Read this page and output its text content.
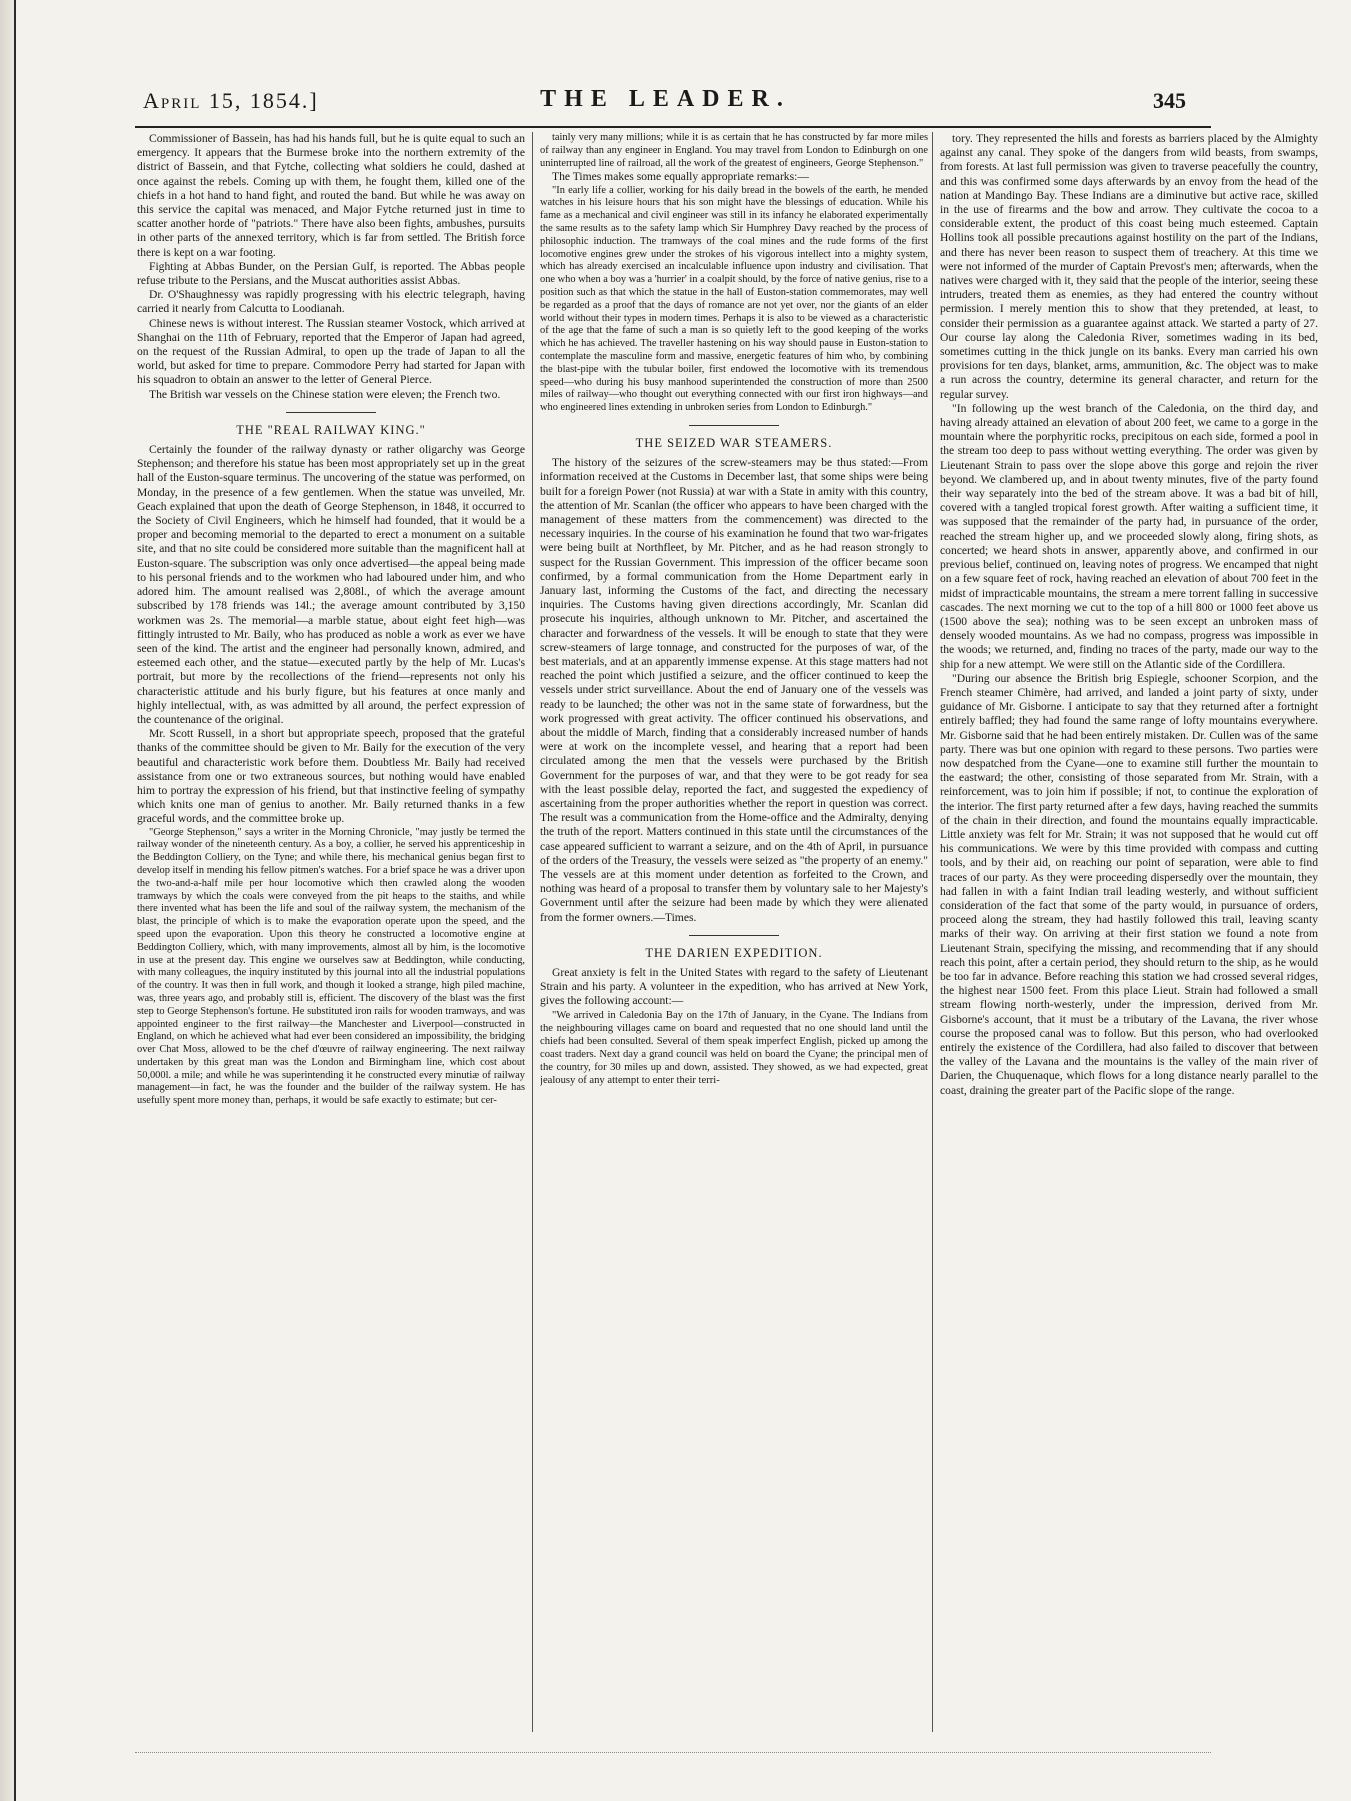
April 15, 1854.]	THE LEADER.	345

Commissioner of Bassein, has had his hands full, but he is quite equal to such an emergency. It appears that the Burmese broke into the northern extremity of the district of Bassein, and that Fytche, collecting what soldiers he could, dashed at once against the rebels. Coming up with them, he fought them, killed one of the chiefs in a hot hand to hand fight, and routed the band. But while he was away on this service the capital was menaced, and Major Fytche returned just in time to scatter another horde of "patriots." There have also been fights, ambushes, pursuits in other parts of the annexed territory, which is far from settled. The British force there is kept on a war footing.

Fighting at Abbas Bunder, on the Persian Gulf, is reported. The Abbas people refuse tribute to the Persians, and the Muscat authorities assist Abbas.

Dr. O'Shaughnessy was rapidly progressing with his electric telegraph, having carried it nearly from Calcutta to Loodianah.

Chinese news is without interest. The Russian steamer Vostock, which arrived at Shanghai on the 11th of February, reported that the Emperor of Japan had agreed, on the request of the Russian Admiral, to open up the trade of Japan to all the world, but asked for time to prepare. Commodore Perry had started for Japan with his squadron to obtain an answer to the letter of General Pierce.

The British war vessels on the Chinese station were eleven; the French two.

THE "REAL RAILWAY KING."

Certainly the founder of the railway dynasty or rather oligarchy was George Stephenson; and therefore his statue has been most appropriately set up in the great hall of the Euston-square terminus. The uncovering of the statue was performed, on Monday, in the presence of a few gentlemen. When the statue was unveiled, Mr. Geach explained that upon the death of George Stephenson, in 1848, it occurred to the Society of Civil Engineers, which he himself had founded, that it would be a proper and becoming memorial to the departed to erect a monument on a suitable site, and that no site could be considered more suitable than the magnificent hall at Euston-square. The subscription was only once advertised—the appeal being made to his personal friends and to the workmen who had laboured under him, and who adored him. The amount realised was 2,808l., of which the average amount subscribed by 178 friends was 14l.; the average amount contributed by 3,150 workmen was 2s. The memorial—a marble statue, about eight feet high—was fittingly intrusted to Mr. Baily, who has produced as noble a work as ever we have seen of the kind. The artist and the engineer had personally known, admired, and esteemed each other, and the statue—executed partly by the help of Mr. Lucas's portrait, but more by the recollections of the friend—represents not only his characteristic attitude and his burly figure, but his features at once manly and highly intellectual, with, as was admitted by all around, the perfect expression of the countenance of the original.

Mr. Scott Russell, in a short but appropriate speech, proposed that the grateful thanks of the committee should be given to Mr. Baily for the execution of the very beautiful and characteristic work before them. Doubtless Mr. Baily had received assistance from one or two extraneous sources, but nothing would have enabled him to portray the expression of his friend, but that instinctive feeling of sympathy which knits one man of genius to another. Mr. Baily returned thanks in a few graceful words, and the committee broke up.

"George Stephenson," says a writer in the Morning Chronicle, "may justly be termed the railway wonder of the nineteenth century. As a boy, a collier, he served his apprenticeship in the Beddington Colliery, on the Tyne; and while there, his mechanical genius began first to develop itself in mending his fellow pitmen's watches. For a brief space he was a driver upon the two-and-a-half mile per hour locomotive which then crawled along the wooden tramways by which the coals were conveyed from the pit heaps to the staiths, and while there invented what has been the life and soul of the railway system, the mechanism of the blast, the principle of which is to make the evaporation operate upon the speed, and the speed upon the evaporation. Upon this theory he constructed a locomotive engine at Beddington Colliery, which, with many improvements, almost all by him, is the locomotive in use at the present day. This engine we ourselves saw at Beddington, while conducting, with many colleagues, the inquiry instituted by this journal into all the industrial populations of the country. It was then in full work, and though it looked a strange, high piled machine, was, three years ago, and probably still is, efficient. The discovery of the blast was the first step to George Stephenson's fortune. He substituted iron rails for wooden tramways, and was appointed engineer to the first railway—the Manchester and Liverpool—constructed in England, on which he achieved what had ever been considered an impossibility, the bridging over Chat Moss, allowed to be the chef d'œuvre of railway engineering. The next railway undertaken by this great man was the London and Birmingham line, which cost about 50,000l. a mile; and while he was superintending it he constructed every minutiæ of railway management—in fact, he was the founder and the builder of the railway system. He has usefully spent more money than, perhaps, it would be safe exactly to estimate; but cer-

tainly very many millions; while it is as certain that he has constructed by far more miles of railway than any engineer in England. You may travel from London to Edinburgh on one uninterrupted line of railroad, all the work of the greatest of engineers, George Stephenson."

The Times makes some equally appropriate remarks:—

"In early life a collier, working for his daily bread in the bowels of the earth, he mended watches in his leisure hours that his son might have the blessings of education. While his fame as a mechanical and civil engineer was still in its infancy he elaborated experimentally the same results as to the safety lamp which Sir Humphrey Davy reached by the process of philosophic induction. The tramways of the coal mines and the rude forms of the first locomotive engines grew under the strokes of his vigorous intellect into a mighty system, which has already exercised an incalculable influence upon industry and civilisation. That one who when a boy was a 'hurrier' in a coalpit should, by the force of native genius, rise to a position such as that which the statue in the hall of Euston-station commemorates, may well be regarded as a proof that the days of romance are not yet over, nor the giants of an elder world without their types in modern times. Perhaps it is also to be viewed as a characteristic of the age that the fame of such a man is so quietly left to the good keeping of the works which he has achieved. The traveller hastening on his way should pause in Euston-station to contemplate the masculine form and massive, energetic features of him who, by combining the blast-pipe with the tubular boiler, first endowed the locomotive with its tremendous speed—who during his busy manhood superintended the construction of more than 2500 miles of railway—who thought out everything connected with our first iron highways—and who engineered lines extending in unbroken series from London to Edinburgh."

THE SEIZED WAR STEAMERS.

The history of the seizures of the screw-steamers may be thus stated:—From information received at the Customs in December last, that some ships were being built for a foreign Power (not Russia) at war with a State in amity with this country, the attention of Mr. Scanlan (the officer who appears to have been charged with the management of these matters from the commencement) was directed to the necessary inquiries. In the course of his examination he found that two war-frigates were being built at Northfleet, by Mr. Pitcher, and as he had reason strongly to suspect for the Russian Government. This impression of the officer became soon confirmed, by a formal communication from the Home Department early in January last, informing the Customs of the fact, and directing the necessary inquiries. The Customs having given directions accordingly, Mr. Scanlan did prosecute his inquiries, although unknown to Mr. Pitcher, and ascertained the character and forwardness of the vessels. It will be enough to state that they were screw-steamers of large tonnage, and constructed for the purposes of war, of the best materials, and at an apparently immense expense. At this stage matters had not reached the point which justified a seizure, and the officer continued to keep the vessels under strict surveillance. About the end of January one of the vessels was ready to be launched; the other was not in the same state of forwardness, but the work progressed with great activity. The officer continued his observations, and about the middle of March, finding that a considerably increased number of hands were at work on the incomplete vessel, and hearing that a report had been circulated among the men that the vessels were purchased by the British Government for the purposes of war, and that they were to be got ready for sea with the least possible delay, reported the fact, and suggested the expediency of ascertaining from the proper authorities whether the report in question was correct. The result was a communication from the Home-office and the Admiralty, denying the truth of the report. Matters continued in this state until the circumstances of the case appeared sufficient to warrant a seizure, and on the 4th of April, in pursuance of the orders of the Treasury, the vessels were seized as "the property of an enemy." The vessels are at this moment under detention as forfeited to the Crown, and nothing was heard of a proposal to transfer them by voluntary sale to her Majesty's Government until after the seizure had been made by which they were alienated from the former owners.—Times.

THE DARIEN EXPEDITION.

Great anxiety is felt in the United States with regard to the safety of Lieutenant Strain and his party. A volunteer in the expedition, who has arrived at New York, gives the following account:—

"We arrived in Caledonia Bay on the 17th of January, in the Cyane. The Indians from the neighbouring villages came on board and requested that no one should land until the chiefs had been consulted. Several of them speak imperfect English, picked up among the coast traders. Next day a grand council was held on board the Cyane; the principal men of the country, for 30 miles up and down, assisted. They showed, as we had expected, great jealousy of any attempt to enter their terri-

tory. They represented the hills and forests as barriers placed by the Almighty against any canal. They spoke of the dangers from wild beasts, from swamps, from forests. At last full permission was given to traverse peacefully the country, and this was confirmed some days afterwards by an envoy from the head of the nation at Mandingo Bay. These Indians are a diminutive but active race, skilled in the use of firearms and the bow and arrow. They cultivate the cocoa to a considerable extent, the product of this coast being much esteemed. Captain Hollins took all possible precautions against hostility on the part of the Indians, and there has never been reason to suspect them of treachery. At this time we were not informed of the murder of Captain Prevost's men; afterwards, when the natives were charged with it, they said that the people of the interior, seeing these intruders, treated them as enemies, as they had entered the country without permission. I merely mention this to show that they pretended, at least, to consider their permission as a guarantee against attack. We started a party of 27. Our course lay along the Caledonia River, sometimes wading in its bed, sometimes cutting in the thick jungle on its banks. Every man carried his own provisions for ten days, blanket, arms, ammunition, &c. The object was to make a run across the country, determine its general character, and return for the regular survey.

"In following up the west branch of the Caledonia, on the third day, and having already attained an elevation of about 200 feet, we came to a gorge in the mountain where the porphyritic rocks, precipitous on each side, formed a pool in the stream too deep to pass without wetting everything. The order was given by Lieutenant Strain to pass over the slope above this gorge and rejoin the river beyond. We clambered up, and in about twenty minutes, five of the party found their way separately into the bed of the stream above. It was a bad bit of hill, covered with a tangled tropical forest growth. After waiting a sufficient time, it was supposed that the remainder of the party had, in pursuance of the order, reached the stream higher up, and we proceeded slowly along, firing shots, as concerted; we heard shots in answer, apparently above, and confirmed in our previous belief, continued on, leaving notes of progress. We encamped that night on a few square feet of rock, having reached an elevation of about 700 feet in the midst of impracticable mountains, the stream a mere torrent falling in successive cascades. The next morning we cut to the top of a hill 800 or 1000 feet above us (1500 above the sea); nothing was to be seen except an unbroken mass of densely wooded mountains. As we had no compass, progress was impossible in the woods; we returned, and, finding no traces of the party, made our way to the ship for a new attempt. We were still on the Atlantic side of the Cordillera.

"During our absence the British brig Espiegle, schooner Scorpion, and the French steamer Chimère, had arrived, and landed a joint party of sixty, under guidance of Mr. Gisborne. I anticipate to say that they returned after a fortnight entirely baffled; they had found the same range of lofty mountains everywhere. Mr. Gisborne said that he had been entirely mistaken. Dr. Cullen was of the same party. There was but one opinion with regard to these persons. Two parties were now despatched from the Cyane—one to examine still further the mountain to the eastward; the other, consisting of those separated from Mr. Strain, with a reinforcement, was to join him if possible; if not, to continue the exploration of the interior. The first party returned after a few days, having reached the summits of the chain in their direction, and found the mountains equally impracticable. Little anxiety was felt for Mr. Strain; it was not supposed that he would cut off his communications. We were by this time provided with compass and cutting tools, and by their aid, on reaching our point of separation, were able to find traces of our party. As they were proceeding dispersedly over the mountain, they had fallen in with a faint Indian trail leading westerly, and without sufficient consideration of the fact that some of the party would, in pursuance of orders, proceed along the stream, they had hastily followed this trail, leaving scanty marks of their way. On arriving at their first station we found a note from Lieutenant Strain, specifying the missing, and recommending that if any should reach this point, after a certain period, they should return to the ship, as he would be too far in advance. Before reaching this station we had crossed several ridges, the highest near 1500 feet. From this place Lieut. Strain had followed a small stream flowing north-westerly, under the impression, derived from Mr. Gisborne's account, that it must be a tributary of the Lavana, the river whose course the proposed canal was to follow. But this person, who had overlooked entirely the existence of the Cordillera, had also failed to discover that between the valley of the Lavana and the mountains is the valley of the main river of Darien, the Chuquenaque, which flows for a long distance nearly parallel to the coast, draining the greater part of the Pacific slope of the range.
